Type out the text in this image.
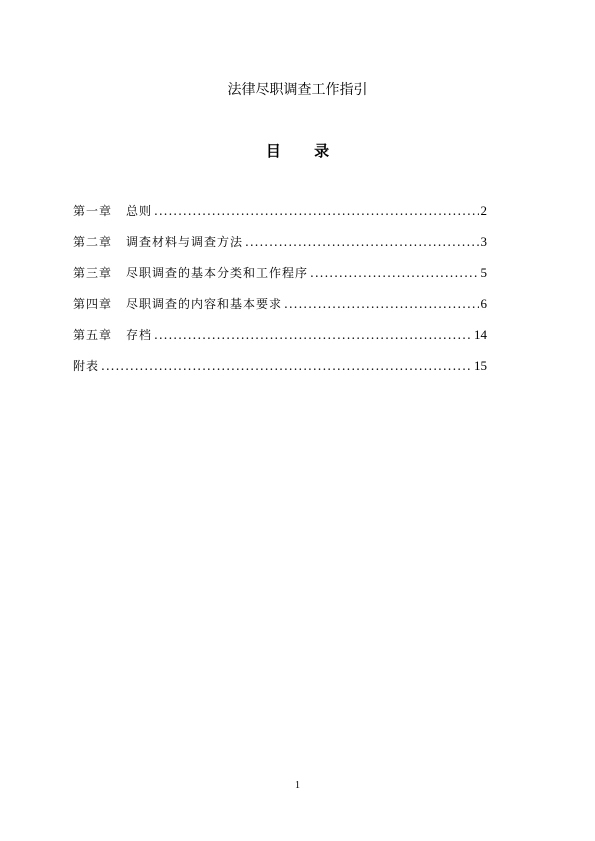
法律尽职调查工作指引
目 录
第一章 总则 .....	2
第二章 调查材料与调查方法 .....	3
第三章 尽职调查的基本分类和工作程序 .....	5
第四章 尽职调查的内容和基本要求 .....	6
第五章 存档 .....	14
附表 .....	15
1
